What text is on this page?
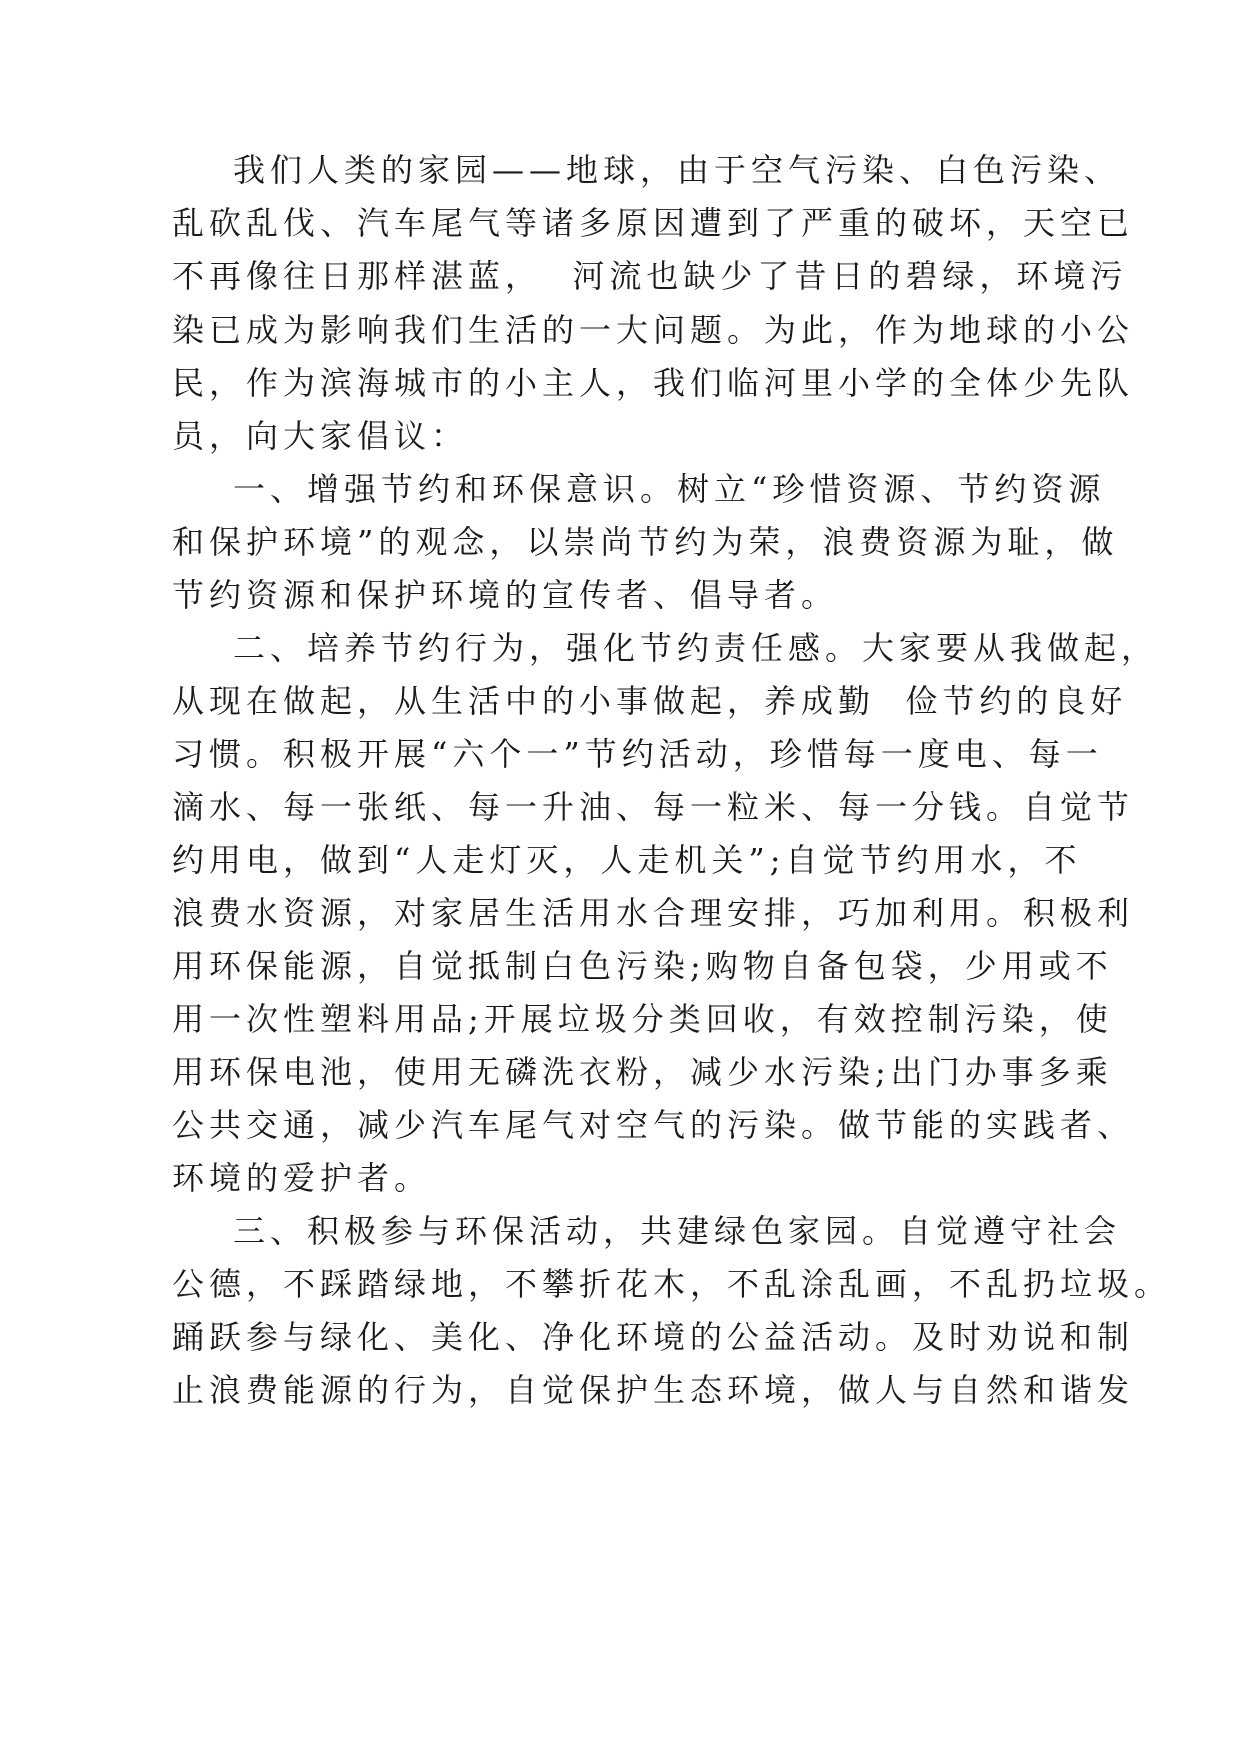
我们人类的家园——地球，由于空气污染、白色污染、
乱砍乱伐、汽车尾气等诸多原因遭到了严重的破坏，天空已
不再像往日那样湛蓝，  河流也缺少了昔日的碧绿，环境污
染已成为影响我们生活的一大问题。为此，作为地球的小公
民，作为滨海城市的小主人，我们临河里小学的全体少先队
员，向大家倡议：
一、增强节约和环保意识。树立“珍惜资源、节约资源
和保护环境”的观念，以崇尚节约为荣，浪费资源为耻，做
节约资源和保护环境的宣传者、倡导者。
二、培养节约行为，强化节约责任感。大家要从我做起，
从现在做起，从生活中的小事做起，养成勤  俭节约的良好
习惯。积极开展“六个一”节约活动，珍惜每一度电、每一
滴水、每一张纸、每一升油、每一粒米、每一分钱。自觉节
约用电，做到“人走灯灭，人走机关”;自觉节约用水，不
浪费水资源，对家居生活用水合理安排，巧加利用。积极利
用环保能源，自觉抵制白色污染;购物自备包袋，少用或不
用一次性塑料用品;开展垃圾分类回收，有效控制污染，使
用环保电池，使用无磷洗衣粉，减少水污染;出门办事多乘
公共交通，减少汽车尾气对空气的污染。做节能的实践者、
环境的爱护者。
三、积极参与环保活动，共建绿色家园。自觉遵守社会
公德，不踩踏绿地，不攀折花木，不乱涂乱画，不乱扔垃圾。
踊跃参与绿化、美化、净化环境的公益活动。及时劝说和制
止浪费能源的行为，自觉保护生态环境，做人与自然和谐发
